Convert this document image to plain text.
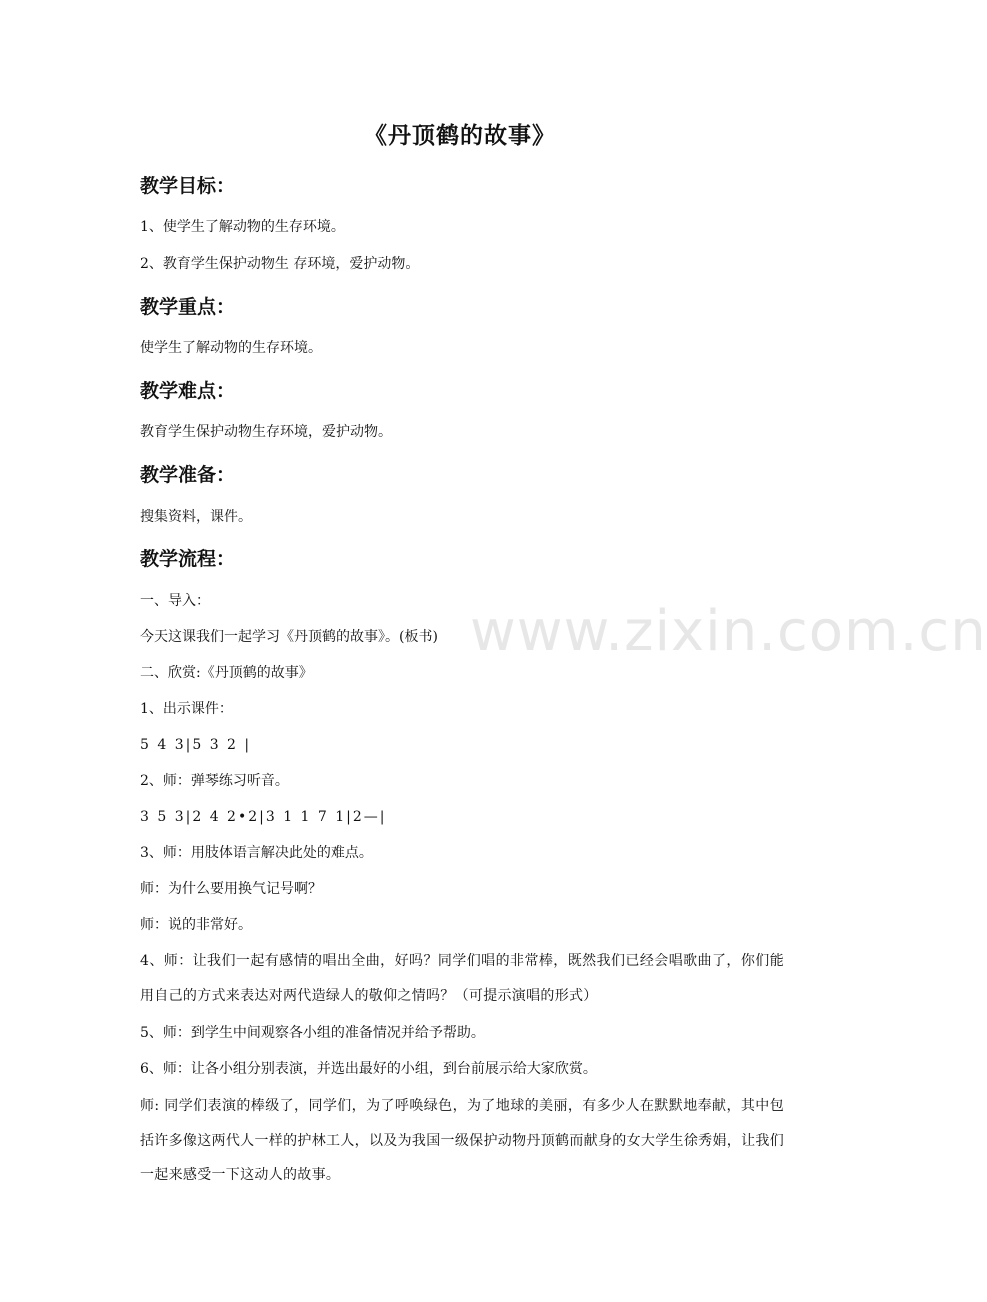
www.zixin.com.cn
《丹顶鹤的故事》
教学目标：
1、使学生了解动物的生存环境。
2、教育学生保护动物生 存环境，爱护动物。
教学重点：
使学生了解动物的生存环境。
教学难点：
教育学生保护动物生存环境，爱护动物。
教学准备：
搜集资料，课件。
教学流程：
一、导入：
今天这课我们一起学习《丹顶鹤的故事》。(板书)
二、欣赏:《丹顶鹤的故事》
1、出示课件：
5 4 3|5 3 2 |
2、师：弹琴练习听音。
3 5 3|2 4 2•2|3 1 1 7 1|2—|
3、师：用肢体语言解决此处的难点。
师：为什么要用换气记号啊？
师：说的非常好。
4、师：让我们一起有感情的唱出全曲，好吗？同学们唱的非常棒，既然我们已经会唱歌曲了，你们能用自己的方式来表达对两代造绿人的敬仰之情吗？（可提示演唱的形式）
5、师：到学生中间观察各小组的准备情况并给予帮助。
6、师：让各小组分别表演，并选出最好的小组，到台前展示给大家欣赏。
师: 同学们表演的棒级了，同学们，为了呼唤绿色，为了地球的美丽，有多少人在默默地奉献，其中包括许多像这两代人一样的护林工人，以及为我国一级保护动物丹顶鹤而献身的女大学生徐秀娟，让我们一起来感受一下这动人的故事。
